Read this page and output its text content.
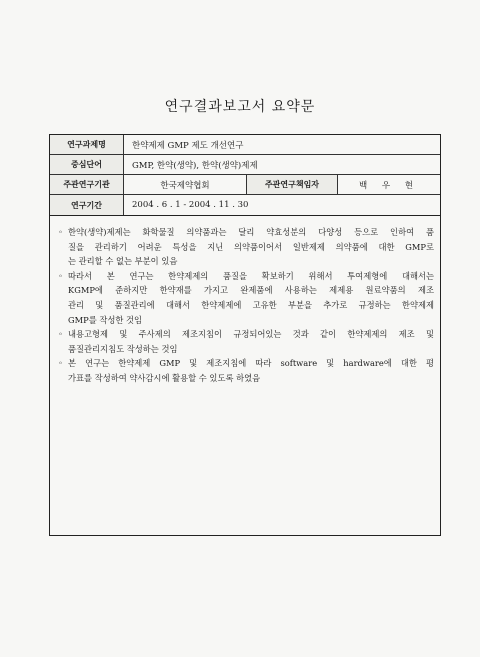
연구결과보고서 요약문
연구과제명	한약제제 GMP 제도 개선연구
중심단어	GMP, 한약(생약), 한약(생약)제제
주관연구기관	한국제약협회	주관연구책임자	백 우 현
연구기간	2004 . 6 . 1 - 2004 . 11 . 30
◦ 한약(생약)제제는 화학물질 의약품과는 달리 약효성분의 다양성 등으로 인하여 품
질을 관리하기 어려운 특성을 지닌 의약품이어서 일반제제 의약품에 대한 GMP로
는 관리할 수 없는 부분이 있음
◦ 따라서 본 연구는 한약제제의 품질을 확보하기 위해서 투여제형에 대해서는
KGMP에 준하지만 한약재를 가지고 완제품에 사용하는 제제용 원료약품의 제조
관리 및 품질관리에 대해서 한약제제에 고유한 부분을 추가로 규정하는 한약제제
GMP를 작성한 것임
◦ 내용고형제 및 주사제의 제조지침이 규정되어있는 것과 같이 한약제제의 제조 및
품질관리지침도 작성하는 것임
◦ 본 연구는 한약제제 GMP 및 제조지침에 따라 software 및 hardware에 대한 평
가표를 작성하여 약사감시에 활용할 수 있도록 하였음
